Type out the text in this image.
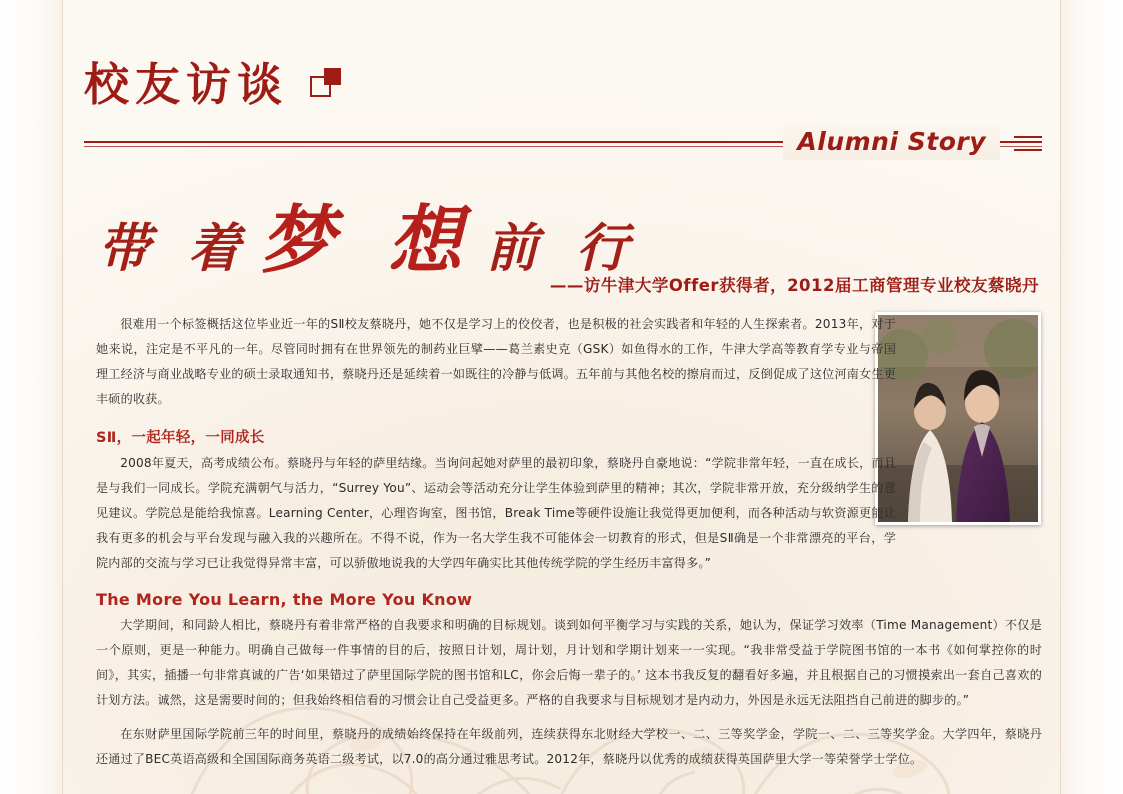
校友访谈
Alumni Story
带 着 梦 想 前 行
——访牛津大学Offer获得者，2012届工商管理专业校友蔡晓丹

很难用一个标签概括这位毕业近一年的SⅡ校友蔡晓丹，她不仅是学习上的佼佼者，也是积极的社会实践者和年轻的人生探索者。2013年，对于她来说，注定是不平凡的一年。尽管同时拥有在世界领先的制药业巨擘——葛兰素史克（GSK）如鱼得水的工作，牛津大学高等教育学专业与帝国理工经济与商业战略专业的硕士录取通知书，蔡晓丹还是延续着一如既往的冷静与低调。五年前与其他名校的擦肩而过，反倒促成了这位河南女生更丰硕的收获。

SⅡ，一起年轻，一同成长

2008年夏天，高考成绩公布。蔡晓丹与年轻的萨里结缘。当询问起她对萨里的最初印象，蔡晓丹自豪地说：“学院非常年轻，一直在成长，而且是与我们一同成长。学院充满朝气与活力，“Surrey You”、运动会等活动充分让学生体验到萨里的精神；其次，学院非常开放，充分级纳学生的意见建议。学院总是能给我惊喜。Learning Center，心理咨询室，图书馆，Break Time等硬件设施让我觉得更加便利，而各种活动与软资源更能让我有更多的机会与平台发现与融入我的兴趣所在。不得不说，作为一名大学生我不可能体会一切教育的形式，但是SⅡ确是一个非常漂亮的平台，学院内部的交流与学习已让我觉得异常丰富，可以骄傲地说我的大学四年确实比其他传统学院的学生经历丰富得多。”

The More You Learn, the More You Know

大学期间，和同龄人相比，蔡晓丹有着非常严格的自我要求和明确的目标规划。谈到如何平衡学习与实践的关系，她认为，保证学习效率（Time Management）不仅是一个原则，更是一种能力。明确自己做每一件事情的目的后，按照日计划，周计划，月计划和学期计划来一一实现。“我非常受益于学院图书馆的一本书《如何掌控你的时间》，其实，插播一句非常真诚的广告‘如果错过了萨里国际学院的图书馆和LC，你会后悔一辈子的。’ 这本书我反复的翻看好多遍，并且根据自己的习惯摸索出一套自己喜欢的计划方法。诚然，这是需要时间的；但我始终相信看的习惯会让自己受益更多。严格的自我要求与目标规划才是内动力，外因是永远无法阻挡自己前进的脚步的。”

在东财萨里国际学院前三年的时间里，蔡晓丹的成绩始终保持在年级前列，连续获得东北财经大学校一、二、三等奖学金，学院一、二、三等奖学金。大学四年，蔡晓丹还通过了BEC英语高级和全国国际商务英语二级考试，以7.0的高分通过雅思考试。2012年，蔡晓丹以优秀的成绩获得英国萨里大学一等荣誉学士学位。
